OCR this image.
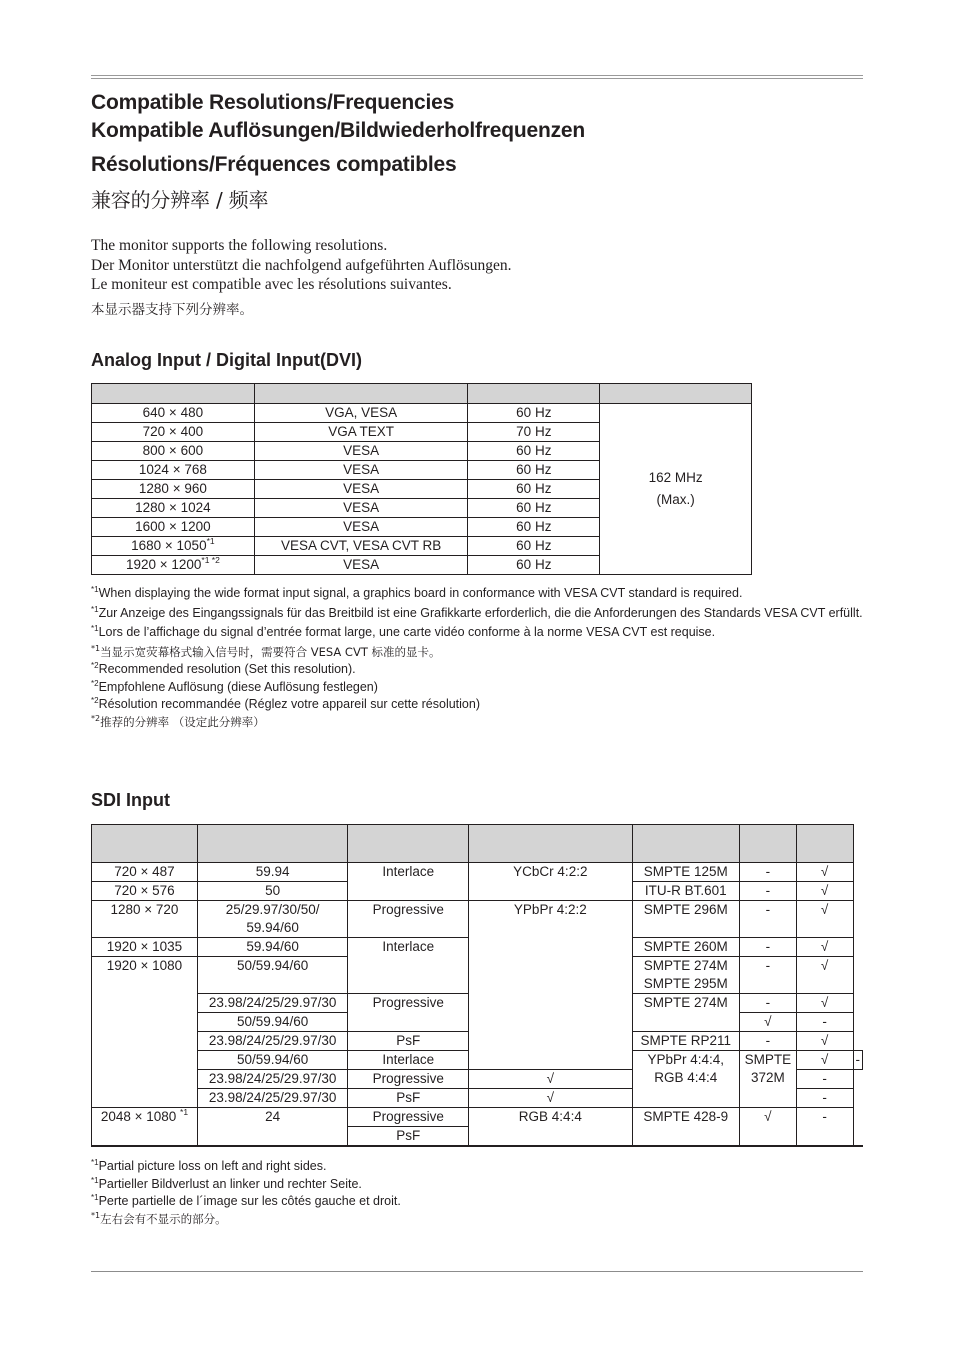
Compatible Resolutions/Frequencies
Kompatible Auflösungen/Bildwiederholfrequenzen
Résolutions/Fréquences compatibles
兼容的分辨率 / 频率
The monitor supports the following resolutions.
Der Monitor unterstützt die nachfolgend aufgeführten Auflösungen.
Le moniteur est compatible avec les résolutions suivantes.
本显示器支持下列分辨率。
Analog Input / Digital Input(DVI)

640 × 480	VGA, VESA	60 Hz	162 MHz
(Max.)

720 × 400	VGA TEXT	70 Hz	
800 × 600	VESA	60 Hz	
1024 × 768	VESA	60 Hz	
1280 × 960	VESA	60 Hz	
1280 × 1024	VESA	60 Hz	
1600 × 1200	VESA	60 Hz	
$1680 \times 1050^{*1}$	VESA CVT, VESA CVT RB	60 Hz	
$1920 \times 1200^{*1 *2}$	VESA	60 Hz	
$^{*1}$When displaying the wide format input signal, a graphics board in conformance with VESA CVT standard is required.
$^{*1}$Zur Anzeige des Eingangssignals für das Breitbild ist eine Grafikkarte erforderlich, die die Anforderungen des Standards VESA CVT erfüllt.
$^{*1}$Lors de l’affichage du signal d’entrée format large, une carte vidéo conforme à la norme VESA CVT est requise.
$^{*1}$当显示宽荧幕格式输入信号时，需要符合 VESA CVT 标准的显卡。
$^{*2}$Recommended resolution (Set this resolution).
$^{*2}$Empfohlene Auflösung (diese Auflösung festlegen)
$^{*2}$Résolution recommandée (Réglez votre appareil sur cette résolution)
$^{*2}$推荐的分辨率 （设定此分辨率）
SDI Input

720 × 487	59.94	Interlace	YCbCr 4:2:2	SMPTE 125M	-	√	
720 × 576	50			ITU-R BT.601	-	√	
1280 × 720	25/29.97/30/50/
59.94/60	Progressive	YPbPr 4:2:2	SMPTE 296M	-	√	
1920 × 1035	59.94/60	Interlace		SMPTE 260M	-	√	
1920 × 1080	50/59.94/60			SMPTE 274M
SMPTE 295M	-	√	
	23.98/24/25/29.97/30	Progressive		SMPTE 274M	-	√	
	50/59.94/60				√	-	
	23.98/24/25/29.97/30	PsF		SMPTE RP211	-	√	
	50/59.94/60	Interlace		YPbPr 4:4:4, RGB 4:4:4	SMPTE 372M	√	-
	23.98/24/25/29.97/30	Progressive	√			-	
	23.98/24/25/29.97/30	PsF	√			-	
2048 × 1080 $^{*1}$	24	Progressive	RGB 4:4:4	SMPTE 428-9	√	-	
		PsF					
$^{*1}$Partial picture loss on left and right sides.
$^{*1}$Partieller Bildverlust an linker und rechter Seite.
$^{*1}$Perte partielle de l´image sur les côtés gauche et droit.
$^{*1}$左右会有不显示的部分。
